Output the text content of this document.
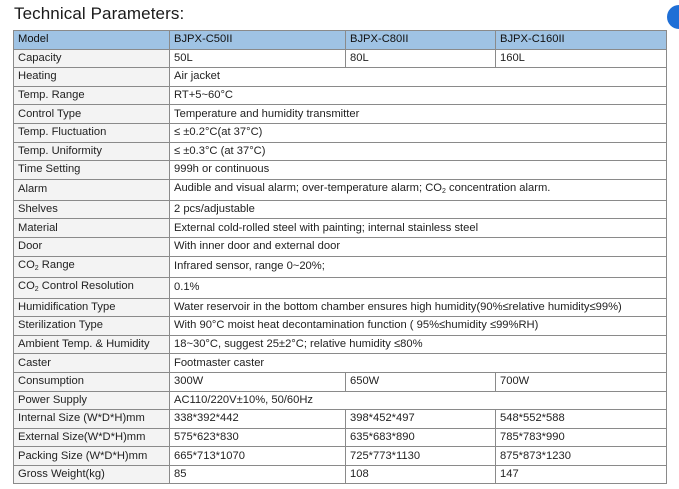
Technical Parameters:
Model	BJPX-C50II	BJPX-C80II	BJPX-C160II
Capacity	50L	80L	160L
Heating	Air jacket		
Temp. Range	RT+5~60°C		
Control Type	Temperature and humidity transmitter		
Temp. Fluctuation	≤ ±0.2°C(at 37°C)		
Temp. Uniformity	≤ ±0.3°C (at 37°C)		
Time Setting	999h or continuous		
Alarm	Audible and visual alarm; over-temperature alarm; $CO_2$ concentration alarm.		
Shelves	2 pcs/adjustable		
Material	External cold-rolled steel with painting; internal stainless steel		
Door	With inner door and external door		
$CO_2$ Range	Infrared sensor, range 0~20%;		
$CO_2$ Control Resolution	0.1%		
Humidification Type	Water reservoir in the bottom chamber ensures high humidity(90%≤relative humidity≤99%)		
Sterilization Type	With 90°C moist heat decontamination function ( 95%≤humidity ≤99%RH)		
Ambient Temp. & Humidity	18~30°C, suggest 25±2°C; relative humidity ≤80%		
Caster	Footmaster caster		
Consumption	300W	650W	700W
Power Supply	AC110/220V±10%, 50/60Hz		
Internal Size (W*D*H)mm	338*392*442	398*452*497	548*552*588
External Size(W*D*H)mm	575*623*830	635*683*890	785*783*990
Packing Size (W*D*H)mm	665*713*1070	725*773*1130	875*873*1230
Gross Weight(kg)	85	108	147
